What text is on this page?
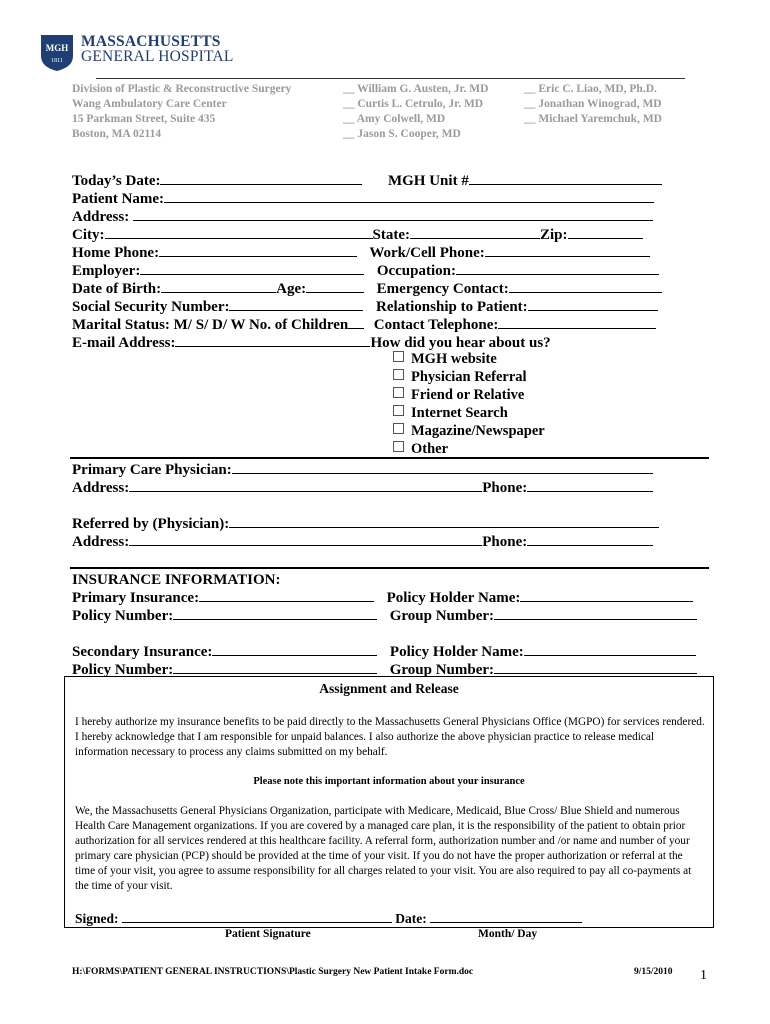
MGH
1811
MASSACHUSETTS
GENERAL HOSPITAL
Division of Plastic & Reconstructive Surgery
Wang Ambulatory Care Center
15 Parkman Street, Suite 435
Boston, MA 02114
__ William G. Austen, Jr. MD
__ Curtis L. Cetrulo, Jr. MD
__ Amy Colwell, MD
__ Jason S. Cooper, MD
__ Eric C. Liao, MD, Ph.D.
__ Jonathan Winograd, MD
__ Michael Yaremchuk, MD
Today’s Date:	MGH Unit #
Patient Name:
Address:
City:	State:	Zip:
Home Phone:	Work/Cell Phone:
Employer:	Occupation:
Date of Birth:	Age:	Emergency Contact:
Social Security Number:	Relationship to Patient:
Marital Status: M/ S/ D/ W No. of Children Contact Telephone:
E-mail Address:	How did you hear about us?
MGH website
Physician Referral
Friend or Relative
Internet Search
Magazine/Newspaper
Other
Primary Care Physician:
Address:	Phone:
Referred by (Physician):
Address:	Phone:
INSURANCE INFORMATION:
Primary Insurance:	Policy Holder Name:
Policy Number:	Group Number:
Secondary Insurance:	Policy Holder Name:
Policy Number:	Group Number:
Assignment and Release
I hereby authorize my insurance benefits to be paid directly to the Massachusetts General Physicians Office (MGPO) for services rendered. I hereby acknowledge that I am responsible for unpaid balances. I also authorize the above physician practice to release medical information necessary to process any claims submitted on my behalf.
Please note this important information about your insurance
We, the Massachusetts General Physicians Organization, participate with Medicare, Medicaid, Blue Cross/ Blue Shield and numerous Health Care Management organizations. If you are covered by a managed care plan, it is the responsibility of the patient to obtain prior authorization for all services rendered at this healthcare facility. A referral form, authorization number and /or name and number of your primary care physician (PCP) should be provided at the time of your visit. If you do not have the proper authorization or referral at the time of your visit, you agree to assume responsibility for all charges related to your visit. You are also required to pay all co-payments at the time of your visit.
Signed:	Date:
Patient Signature	Month/ Day
H:\FORMS\PATIENT GENERAL INSTRUCTIONS\Plastic Surgery New Patient Intake Form.doc	9/15/2010 1
